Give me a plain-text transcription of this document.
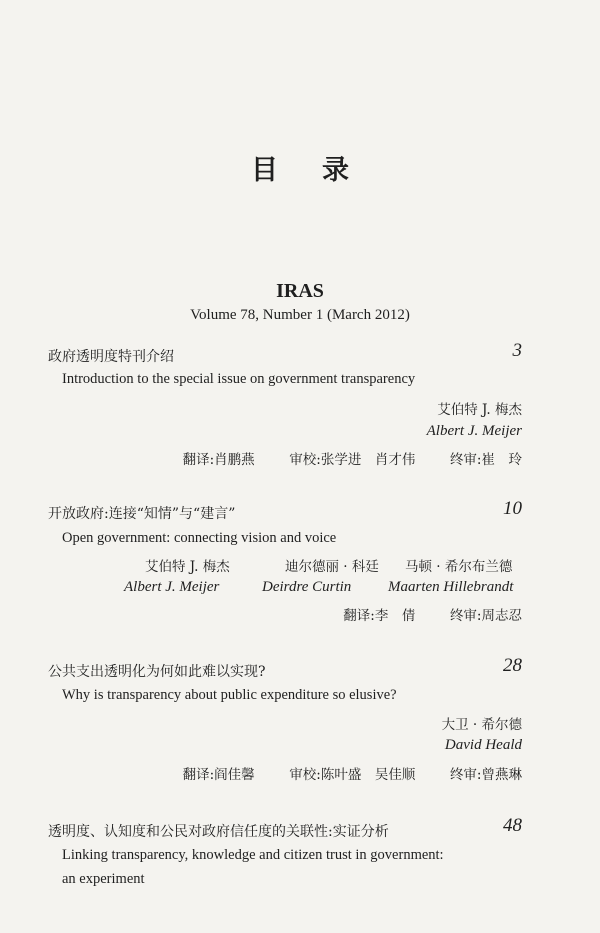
目录
IRAS
Volume 78, Number 1 (March 2012)
政府透明度特刊介绍	3
Introduction to the special issue on government transparency
艾伯特 J. 梅杰
Albert J. Meijer
翻译:肖鹏燕	审校:张学进　肖才伟	终审:崔　玲
开放政府:连接“知情”与“建言”	10
Open government: connecting vision and voice
艾伯特 J. 梅杰	迪尔德丽 · 科廷 马顿 · 希尔布兰德
Albert J. Meijer	Deirdre Curtin Maarten Hillebrandt
翻译:李　倩	终审:周志忍
公共支出透明化为何如此难以实现?	28
Why is transparency about public expenditure so elusive?
大卫 · 希尔德
David Heald
翻译:阎佳馨	审校:陈叶盛　吴佳顺	终审:曾燕琳
透明度、认知度和公民对政府信任度的关联性:实证分析	48
Linking transparency, knowledge and citizen trust in government:
an experiment
